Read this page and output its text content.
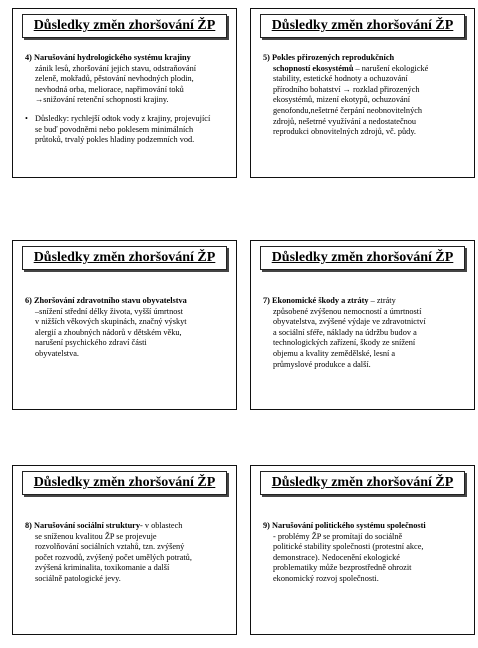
Důsledky změn zhoršování ŽP
4) Narušování hydrologického systému krajiny
zánik lesů, zhoršování jejich stavu, odstraňování
zeleně, mokřadů, pěstování nevhodných plodin,
nevhodná orba, meliorace, napřimování toků
→snižování retenční schopnosti krajiny.
• Důsledky: rychlejší odtok vody z krajiny, projevující
se buď povodněmi nebo poklesem minimálních
průtoků, trvalý pokles hladiny podzemních vod.
Důsledky změn zhoršování ŽP
5) Pokles přirozených reprodukčních
schopností ekosystémů – narušení ekologické
stability, estetické hodnoty a ochuzování
přírodního bohatství → rozklad přirozených
ekosystémů, mizení ekotypů, ochuzování
genofondu,nešetrné čerpání neobnovitelných
zdrojů, nešetrné využívání a nedostatečnou
reprodukci obnovitelných zdrojů, vč. půdy.
Důsledky změn zhoršování ŽP
6) Zhoršování zdravotního stavu obyvatelstva
–snížení střední délky života, vyšší úmrtnost
v nižších věkových skupinách, značný výskyt
alergií a zhoubných nádorů v dětském věku,
narušení psychického zdraví části
obyvatelstva.
Důsledky změn zhoršování ŽP
7) Ekonomické škody a ztráty – ztráty
způsobené zvýšenou nemocností a úmrtností
obyvatelstva, zvýšené výdaje ve zdravotnictví
a sociální sféře, náklady na údržbu budov a
technologických zařízení, škody ze snížení
objemu a kvality zemědělské, lesní a
průmyslové produkce a další.
Důsledky změn zhoršování ŽP
8) Narušování sociální struktury- v oblastech
se sníženou kvalitou ŽP se projevuje
rozvolňování sociálních vztahů, tzn. zvýšený
počet rozvodů, zvýšený počet umělých potratů,
zvýšená kriminalita, toxikomanie a další
sociálně patologické jevy.
Důsledky změn zhoršování ŽP
9) Narušování politického systému společnosti
- problémy ŽP se promítají do sociálně
politické stability společnosti (protestní akce,
demonstrace). Nedocenění ekologické
problematiky může bezprostředně ohrozit
ekonomický rozvoj společnosti.
